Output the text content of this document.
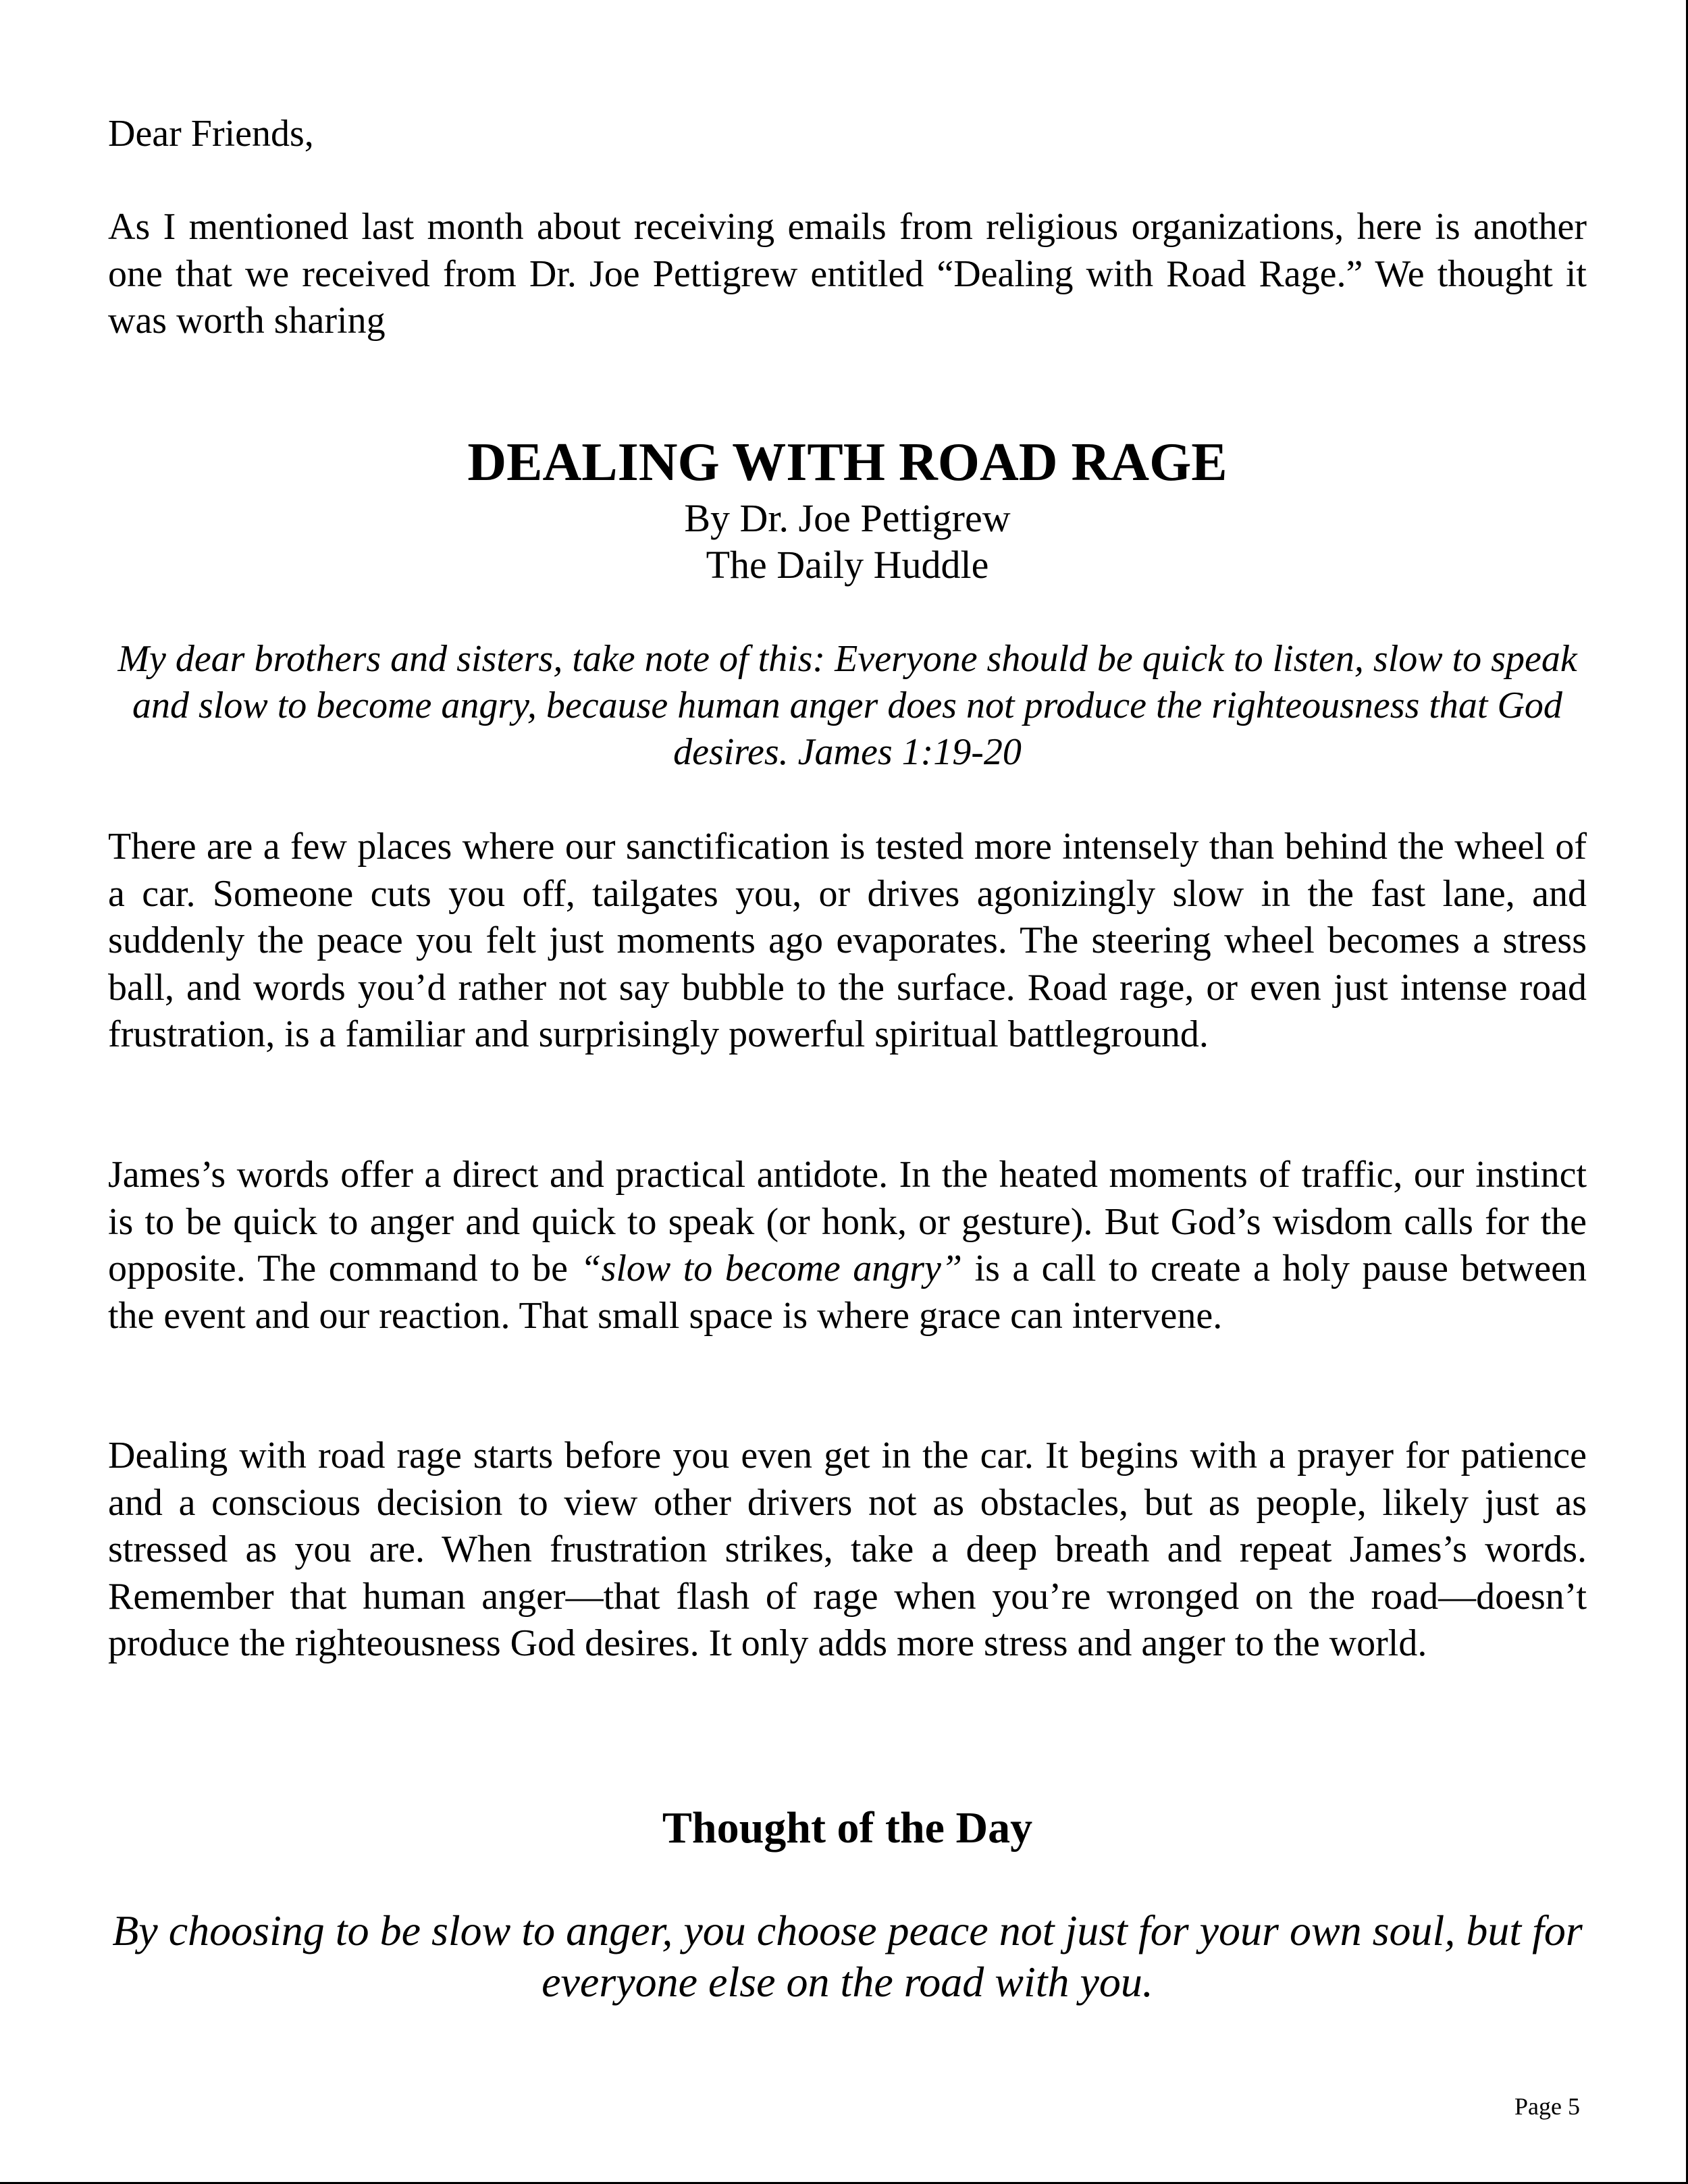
Dear Friends,

As I mentioned last month about receiving emails from religious organizations, here is another one that we received from Dr. Joe Pettigrew entitled “Dealing with Road Rage.” We thought it was worth sharing

DEALING WITH ROAD RAGE

By Dr. Joe Pettigrew

The Daily Huddle

My dear brothers and sisters, take note of this: Everyone should be quick to listen, slow to speak and slow to become angry, because human anger does not produce the righteousness that God desires. James 1:19-20

There are a few places where our sanctification is tested more intensely than behind the wheel of a car. Someone cuts you off, tailgates you, or drives agonizingly slow in the fast lane, and suddenly the peace you felt just moments ago evaporates. The steering wheel becomes a stress ball, and words you’d rather not say bubble to the surface. Road rage, or even just intense road frustration, is a familiar and surprisingly powerful spiritual battleground.

James’s words offer a direct and practical antidote. In the heated moments of traffic, our instinct is to be quick to anger and quick to speak (or honk, or gesture). But God’s wisdom calls for the opposite. The command to be “slow to become angry” is a call to create a holy pause between the event and our reaction. That small space is where grace can intervene.

Dealing with road rage starts before you even get in the car. It begins with a prayer for patience and a conscious decision to view other drivers not as obstacles, but as people, likely just as stressed as you are. When frustration strikes, take a deep breath and repeat James’s words. Remember that human anger—that flash of rage when you’re wronged on the road—doesn’t produce the righteousness God desires. It only adds more stress and anger to the world.

Thought of the Day

By choosing to be slow to anger, you choose peace not just for your own soul, but for everyone else on the road with you.

Page 5
